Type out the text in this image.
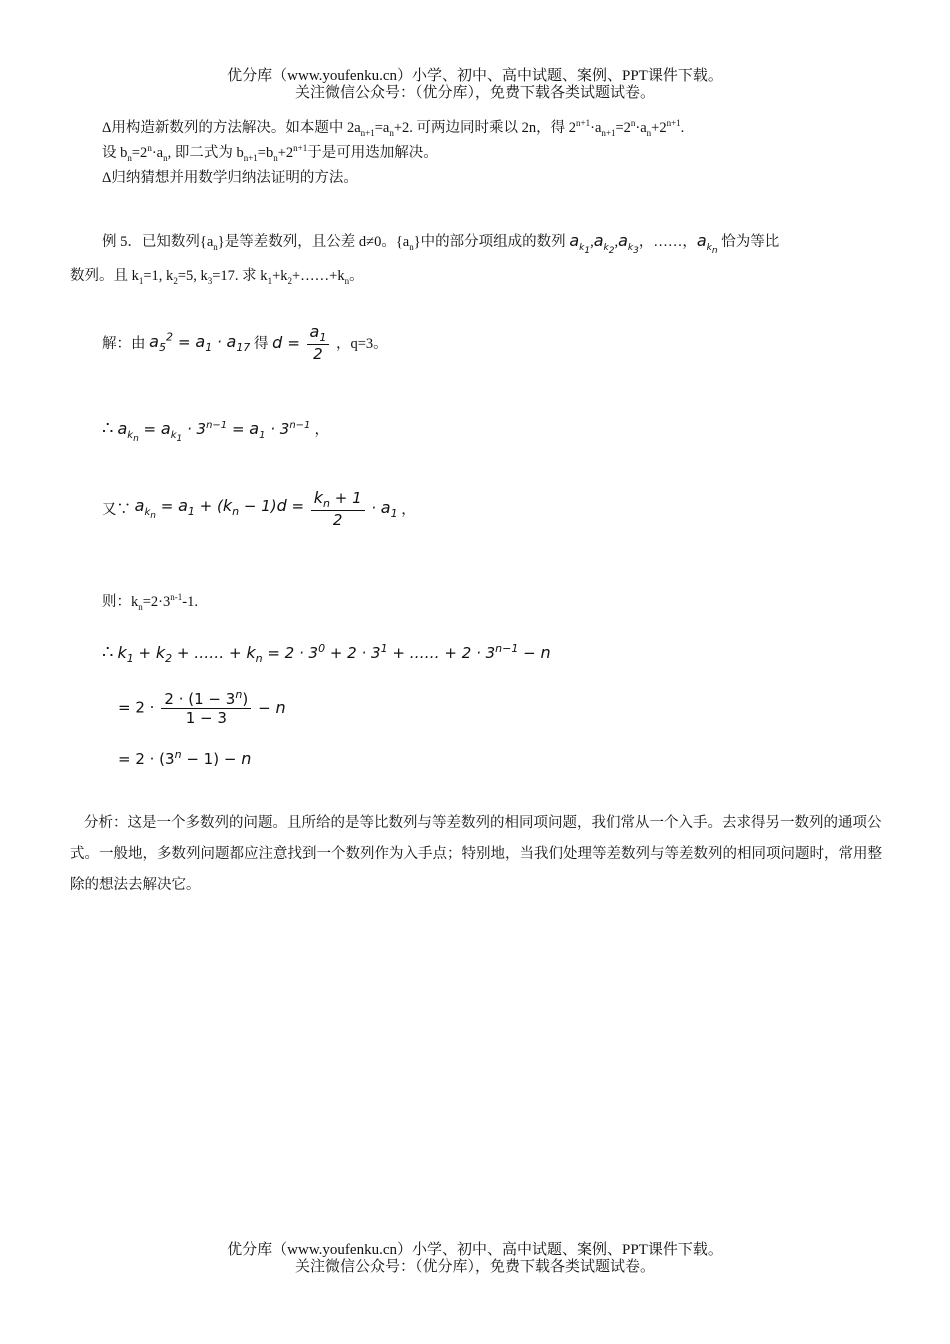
优分库（www.youfenku.cn）小学、初中、高中试题、案例、PPT课件下载。
关注微信公众号：（优分库），免费下载各类试题试卷。
Δ用构造新数列的方法解决。如本题中 $2a_{n+1}=a_n+2$. 可两边同时乘以 2n，得 $2^{n+1}\cdot a_{n+1}=2^n\cdot a_n+2^{n+1}$.
设 $b_n=2^n\cdot a_n$, 即二式为 $b_{n+1}=b_n+2^{n+1}$于是可用迭加解决。
Δ归纳猜想并用数学归纳法证明的方法。
例 5．已知数列$\{a_n\}$是等差数列，且公差 d≠0。$\{a_n\}$中的部分项组成的数列 $a_{k_1},a_{k_2},a_{k_3}$，……，$a_{k_n}$ 恰为等比
数列。且 $k_1=1$, $k_2=5$, $k_3=17$. 求 $k_1+k_2+\dots\dots+k_n$。
解：由 $a_5^2 = a_1 \cdot a_{17}$ 得 $d = \frac{a_1}{2}$ ，q=3。
∴ $a_{k_n} = a_{k_1} \cdot 3^{n-1} = a_1 \cdot 3^{n-1}$ ，
又∵ $a_{k_n} = a_1 + (k_n - 1)d = \frac{k_n + 1}{2} \cdot a_1$ ，
则：$k_n=2\cdot 3^{n-1}-1$.
∴ $k_1 + k_2$ + …… + $k_n = 2 \cdot 3^0 + 2 \cdot 3^1$ + …… + $2 \cdot 3^{n-1} - n$
= $2 \cdot \frac{2 \cdot (1 - 3^n)}{1 - 3} - n$
= $2 \cdot (3^n - 1) - n$
分析：这是一个多数列的问题。且所给的是等比数列与等差数列的相同项问题，我们常从一个入手。去求得另一数列的通项公式。一般地，多数列问题都应注意找到一个数列作为入手点；特别地，当我们处理等差数列与等差数列的相同项问题时，常用整除的想法去解决它。
优分库（www.youfenku.cn）小学、初中、高中试题、案例、PPT课件下载。
关注微信公众号：（优分库），免费下载各类试题试卷。
